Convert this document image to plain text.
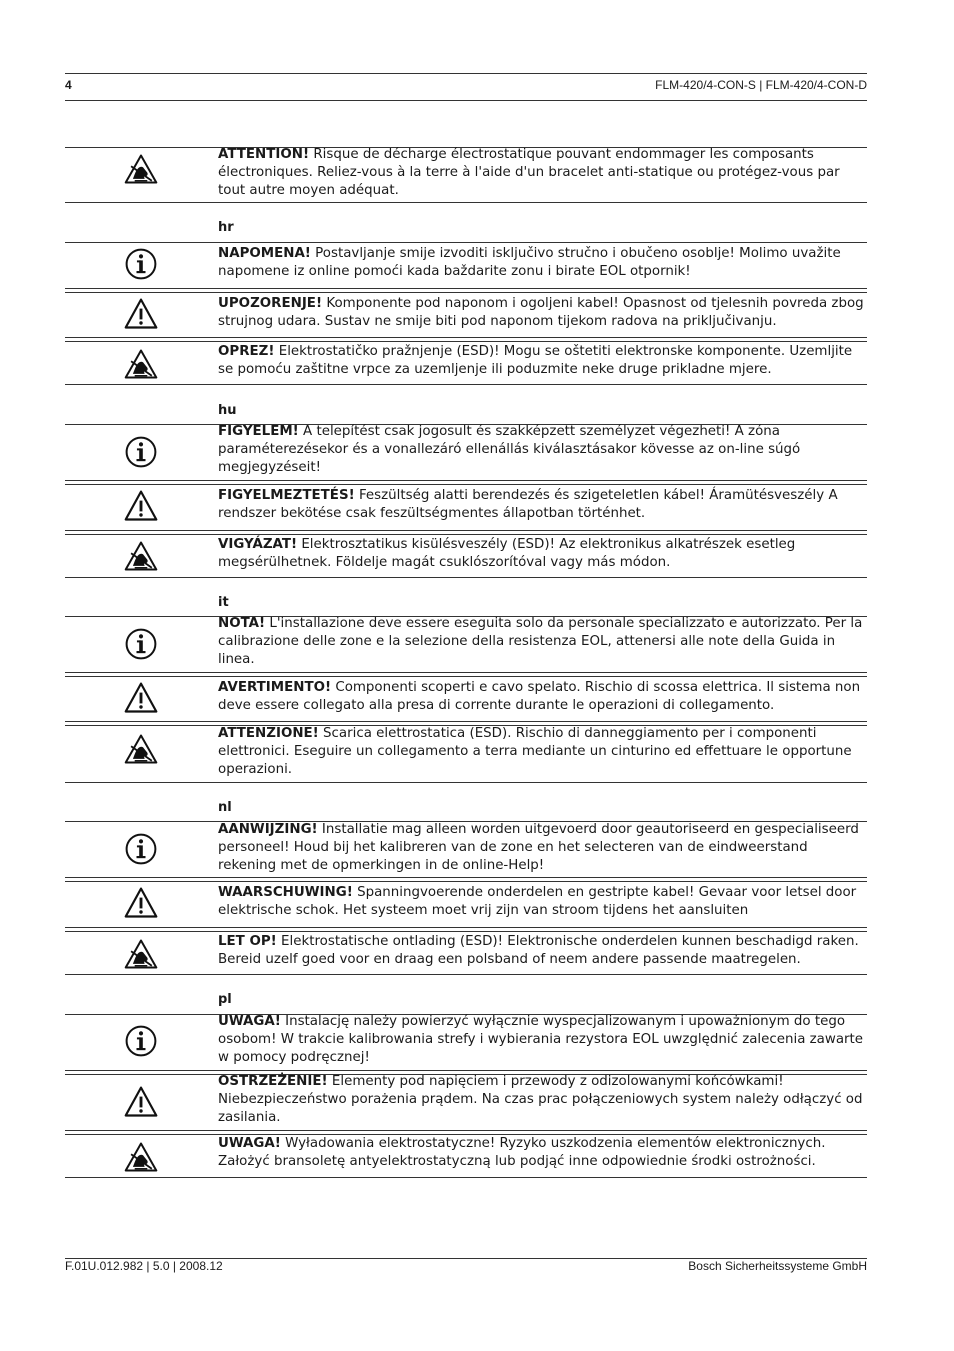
4	FLM-420/4-CON-S | FLM-420/4-CON-D
ATTENTION! Risque de décharge électrostatique pouvant endommager les composants électroniques. Reliez-vous à la terre à l'aide d'un bracelet anti-statique ou protégez-vous par tout autre moyen adéquat.
hr
NAPOMENA! Postavljanje smije izvoditi isključivo stručno i obučeno osoblje! Molimo uvažite napomene iz online pomoći kada baždarite zonu i birate EOL otpornik!
UPOZORENJE! Komponente pod naponom i ogoljeni kabel! Opasnost od tjelesnih povreda zbog strujnog udara. Sustav ne smije biti pod naponom tijekom radova na priključivanju.
OPREZ! Elektrostatičko pražnjenje (ESD)! Mogu se oštetiti elektronske komponente. Uzemljite se pomoću zaštitne vrpce za uzemljenje ili poduzmite neke druge prikladne mjere.
hu
FIGYELEM! A telepítést csak jogosult és szakképzett személyzet végezheti! A zóna paraméterezésekor és a vonallezáró ellenállás kiválasztásakor kövesse az on-line súgó megjegyzéseit!
FIGYELMEZTETÉS! Feszültség alatti berendezés és szigeteletlen kábel! Áramütésveszély A rendszer bekötése csak feszültségmentes állapotban történhet.
VIGYÁZAT! Elektrosztatikus kisülésveszély (ESD)! Az elektronikus alkatrészek esetleg megsérülhetnek. Földelje magát csuklószorítóval vagy más módon.
it
NOTA! L'installazione deve essere eseguita solo da personale specializzato e autorizzato. Per la calibrazione delle zone e la selezione della resistenza EOL, attenersi alle note della Guida in linea.
AVERTIMENTO! Componenti scoperti e cavo spelato. Rischio di scossa elettrica. Il sistema non deve essere collegato alla presa di corrente durante le operazioni di collegamento.
ATTENZIONE! Scarica elettrostatica (ESD). Rischio di danneggiamento per i componenti elettronici. Eseguire un collegamento a terra mediante un cinturino ed effettuare le opportune operazioni.
nl
AANWIJZING! Installatie mag alleen worden uitgevoerd door geautoriseerd en gespecialiseerd personeel! Houd bij het kalibreren van de zone en het selecteren van de eindweerstand rekening met de opmerkingen in de online-Help!
WAARSCHUWING! Spanningvoerende onderdelen en gestripte kabel! Gevaar voor letsel door elektrische schok. Het systeem moet vrij zijn van stroom tijdens het aansluiten
LET OP! Elektrostatische ontlading (ESD)! Elektronische onderdelen kunnen beschadigd raken. Bereid uzelf goed voor en draag een polsband of neem andere passende maatregelen.
pl
UWAGA! Instalację należy powierzyć wyłącznie wyspecjalizowanym i upoważnionym do tego osobom! W trakcie kalibrowania strefy i wybierania rezystora EOL uwzględnić zalecenia zawarte w pomocy podręcznej!
OSTRZEŻENIE! Elementy pod napięciem i przewody z odizolowanymi końcówkami! Niebezpieczeństwo porażenia prądem. Na czas prac połączeniowych system należy odłączyć od zasilania.
UWAGA! Wyładowania elektrostatyczne! Ryzyko uszkodzenia elementów elektronicznych. Założyć bransoletę antyelektrostatyczną lub podjąć inne odpowiednie środki ostrożności.
F.01U.012.982 | 5.0 | 2008.12	Bosch Sicherheitssysteme GmbH
